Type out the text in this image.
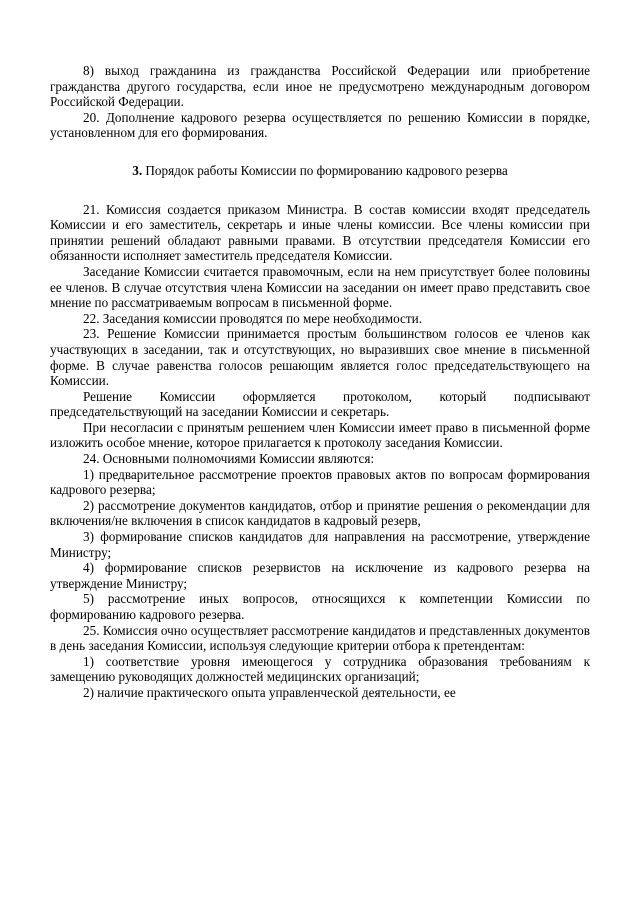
8) выход гражданина из гражданства Российской Федерации или приобретение гражданства другого государства, если иное не предусмотрено международным договором Российской Федерации.

20. Дополнение кадрового резерва осуществляется по решению Комиссии в порядке, установленном для его формирования.

3. Порядок работы Комиссии по формированию кадрового резерва

21. Комиссия создается приказом Министра. В состав комиссии входят председатель Комиссии и его заместитель, секретарь и иные члены комиссии. Все члены комиссии при принятии решений обладают равными правами. В отсутствии председателя Комиссии его обязанности исполняет заместитель председателя Комиссии.

Заседание Комиссии считается правомочным, если на нем присутствует более половины ее членов. В случае отсутствия члена Комиссии на заседании он имеет право представить свое мнение по рассматриваемым вопросам в письменной форме.

22. Заседания комиссии проводятся по мере необходимости.

23. Решение Комиссии принимается простым большинством голосов ее членов как участвующих в заседании, так и отсутствующих, но выразивших свое мнение в письменной форме. В случае равенства голосов решающим является голос председательствующего на Комиссии.

Решение Комиссии оформляется протоколом, который подписывают председательствующий на заседании Комиссии и секретарь.

При несогласии с принятым решением член Комиссии имеет право в письменной форме изложить особое мнение, которое прилагается к протоколу заседания Комиссии.

24. Основными полномочиями Комиссии являются:

1) предварительное рассмотрение проектов правовых актов по вопросам формирования кадрового резерва;

2) рассмотрение документов кандидатов, отбор и принятие решения о рекомендации для включения/не включения в список кандидатов в кадровый резерв,

3) формирование списков кандидатов для направления на рассмотрение, утверждение Министру;

4) формирование списков резервистов на исключение из кадрового резерва на утверждение Министру;

5) рассмотрение иных вопросов, относящихся к компетенции Комиссии по формированию кадрового резерва.

25. Комиссия очно осуществляет рассмотрение кандидатов и представленных документов в день заседания Комиссии, используя следующие критерии отбора к претендентам:

1) соответствие уровня имеющегося у сотрудника образования требованиям к замещению руководящих должностей медицинских организаций;

2) наличие практического опыта управленческой деятельности, ее
